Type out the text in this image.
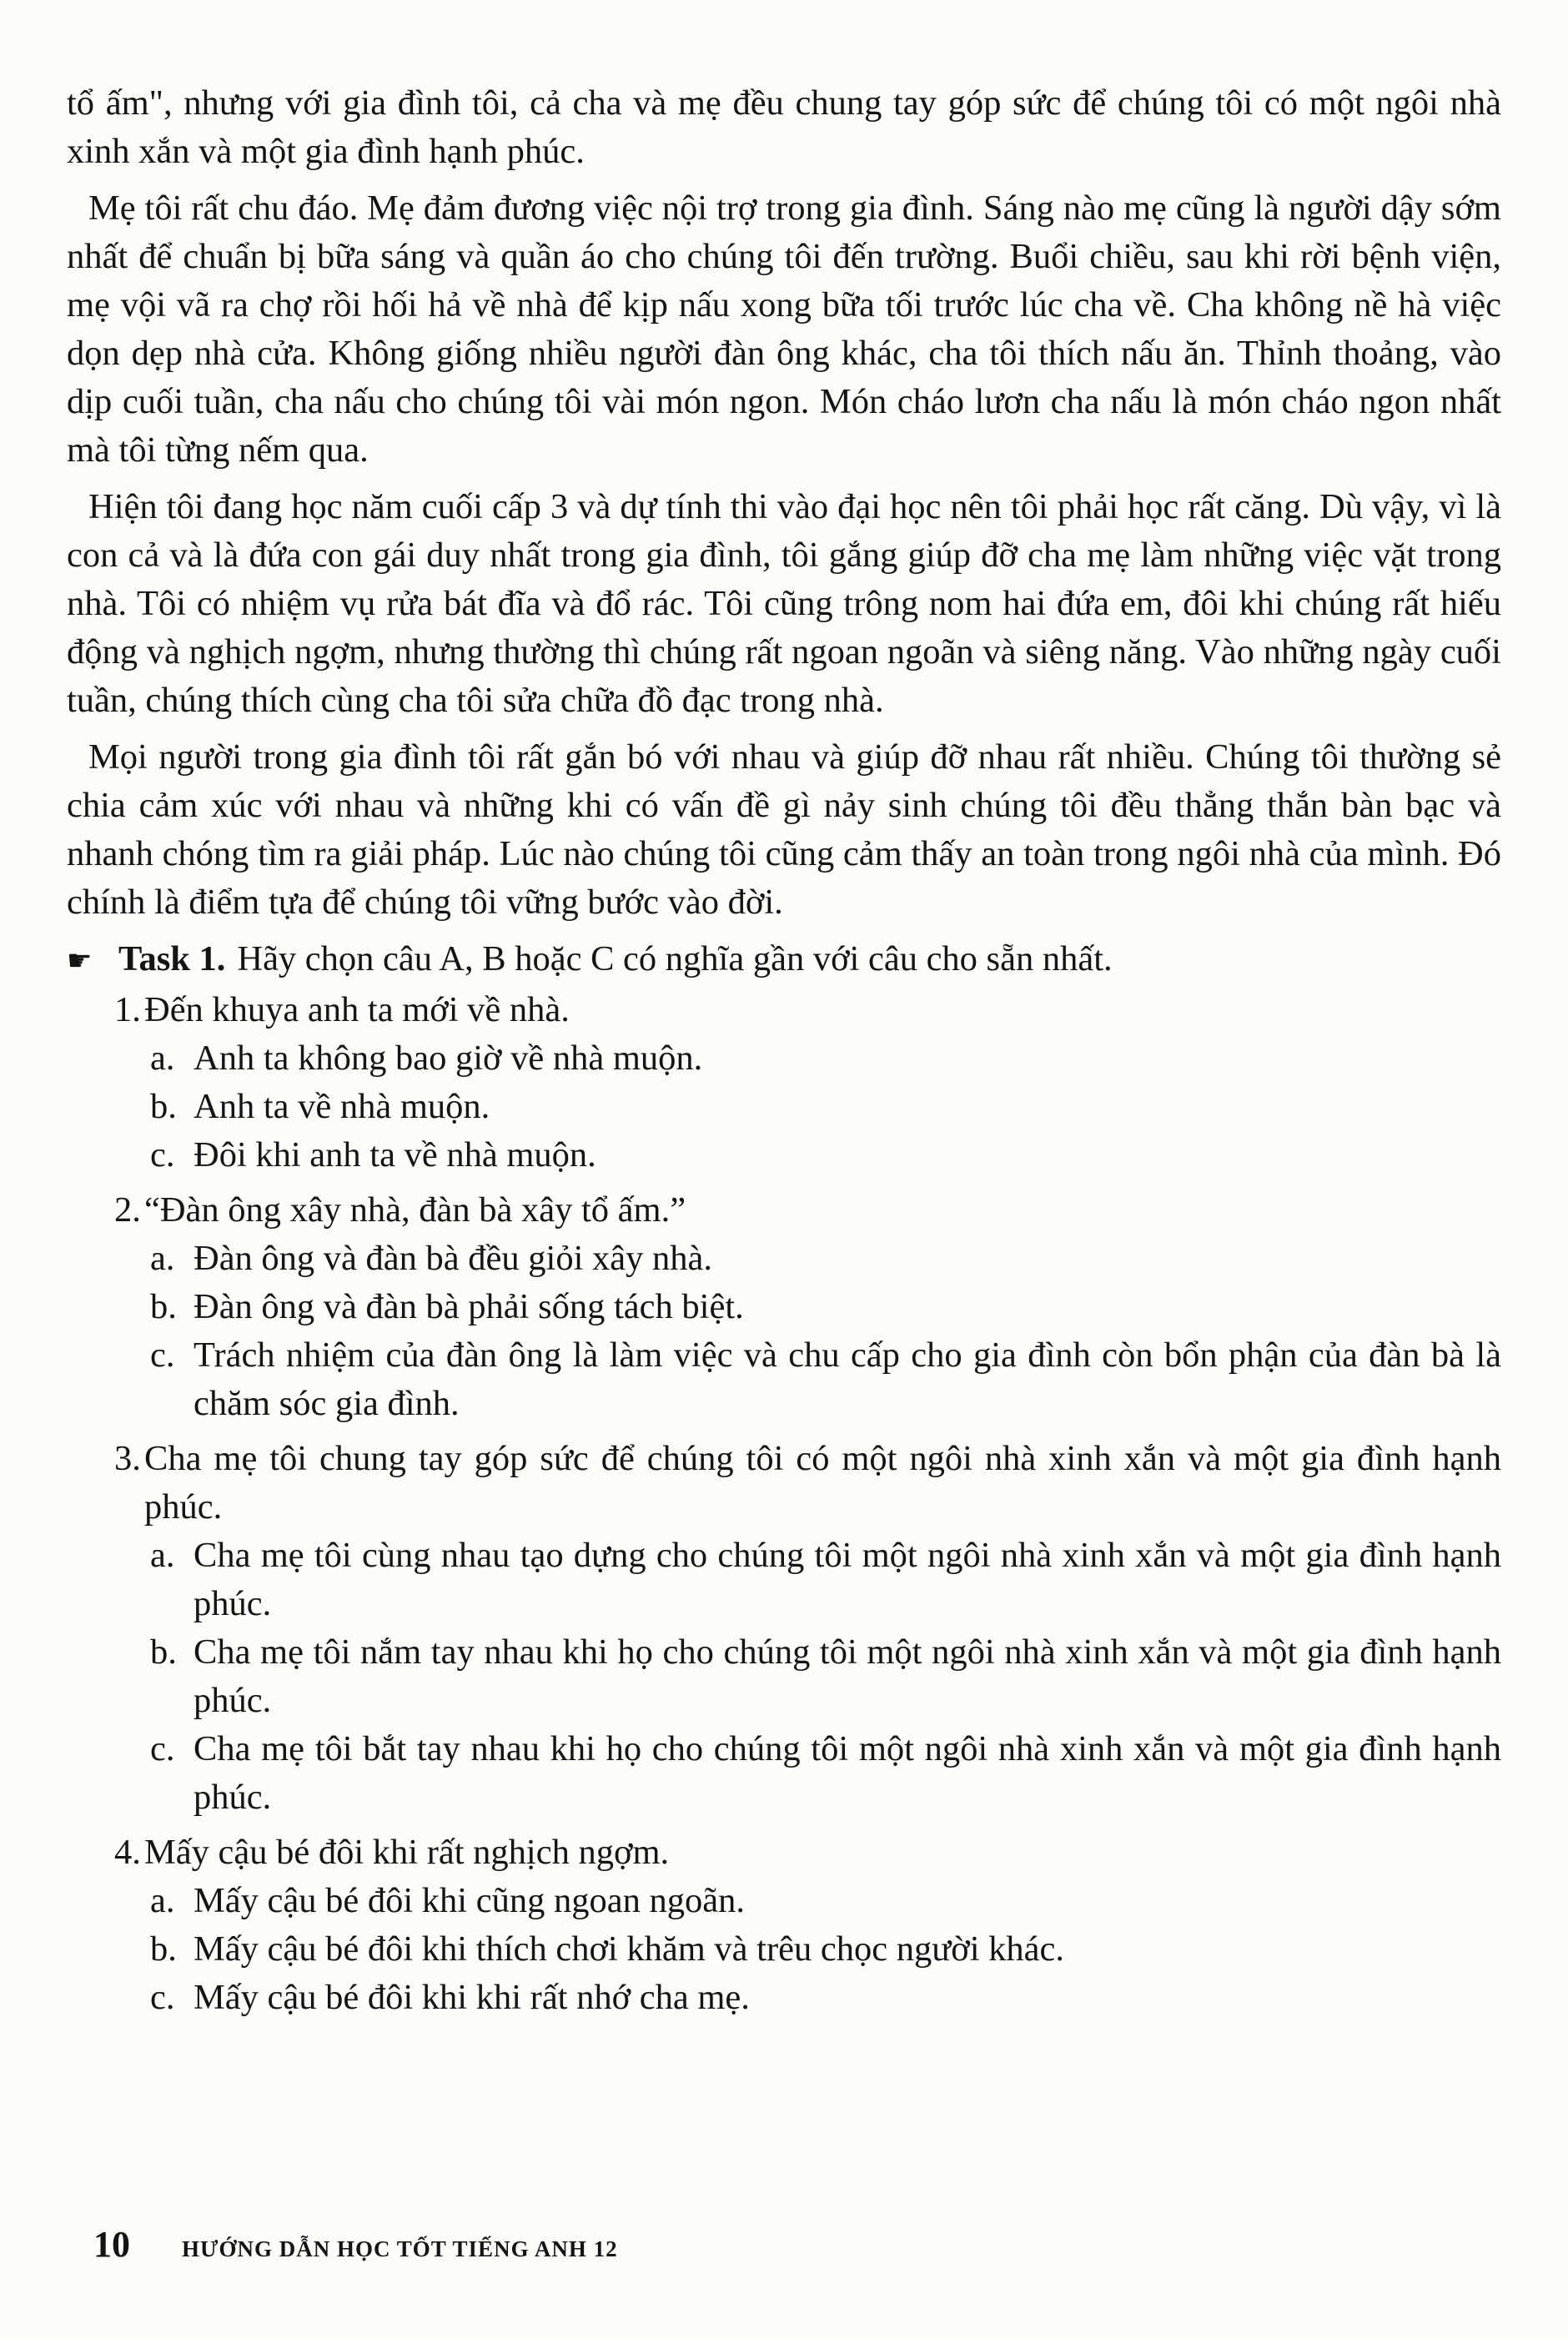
tổ ấm", nhưng với gia đình tôi, cả cha và mẹ đều chung tay góp sức để chúng tôi có một ngôi nhà xinh xắn và một gia đình hạnh phúc.

Mẹ tôi rất chu đáo. Mẹ đảm đương việc nội trợ trong gia đình. Sáng nào mẹ cũng là người dậy sớm nhất để chuẩn bị bữa sáng và quần áo cho chúng tôi đến trường. Buổi chiều, sau khi rời bệnh viện, mẹ vội vã ra chợ rồi hối hả về nhà để kịp nấu xong bữa tối trước lúc cha về. Cha không nề hà việc dọn dẹp nhà cửa. Không giống nhiều người đàn ông khác, cha tôi thích nấu ăn. Thỉnh thoảng, vào dịp cuối tuần, cha nấu cho chúng tôi vài món ngon. Món cháo lươn cha nấu là món cháo ngon nhất mà tôi từng nếm qua.

Hiện tôi đang học năm cuối cấp 3 và dự tính thi vào đại học nên tôi phải học rất căng. Dù vậy, vì là con cả và là đứa con gái duy nhất trong gia đình, tôi gắng giúp đỡ cha mẹ làm những việc vặt trong nhà. Tôi có nhiệm vụ rửa bát đĩa và đổ rác. Tôi cũng trông nom hai đứa em, đôi khi chúng rất hiếu động và nghịch ngợm, nhưng thường thì chúng rất ngoan ngoãn và siêng năng. Vào những ngày cuối tuần, chúng thích cùng cha tôi sửa chữa đồ đạc trong nhà.

Mọi người trong gia đình tôi rất gắn bó với nhau và giúp đỡ nhau rất nhiều. Chúng tôi thường sẻ chia cảm xúc với nhau và những khi có vấn đề gì nảy sinh chúng tôi đều thẳng thắn bàn bạc và nhanh chóng tìm ra giải pháp. Lúc nào chúng tôi cũng cảm thấy an toàn trong ngôi nhà của mình. Đó chính là điểm tựa để chúng tôi vững bước vào đời.

☛ Task 1. Hãy chọn câu A, B hoặc C có nghĩa gần với câu cho sẵn nhất.

1.Đến khuya anh ta mới về nhà.

a. Anh ta không bao giờ về nhà muộn.

b. Anh ta về nhà muộn.

c. Đôi khi anh ta về nhà muộn.

2.“Đàn ông xây nhà, đàn bà xây tổ ấm.”

a. Đàn ông và đàn bà đều giỏi xây nhà.

b. Đàn ông và đàn bà phải sống tách biệt.

c. Trách nhiệm của đàn ông là làm việc và chu cấp cho gia đình còn bổn phận của đàn bà là chăm sóc gia đình.

3.Cha mẹ tôi chung tay góp sức để chúng tôi có một ngôi nhà xinh xắn và một gia đình hạnh phúc.

a. Cha mẹ tôi cùng nhau tạo dựng cho chúng tôi một ngôi nhà xinh xắn và một gia đình hạnh phúc.

b. Cha mẹ tôi nắm tay nhau khi họ cho chúng tôi một ngôi nhà xinh xắn và một gia đình hạnh phúc.

c. Cha mẹ tôi bắt tay nhau khi họ cho chúng tôi một ngôi nhà xinh xắn và một gia đình hạnh phúc.

4.Mấy cậu bé đôi khi rất nghịch ngợm.

a. Mấy cậu bé đôi khi cũng ngoan ngoãn.

b. Mấy cậu bé đôi khi thích chơi khăm và trêu chọc người khác.

c. Mấy cậu bé đôi khi khi rất nhớ cha mẹ.

10 HƯỚNG DẪN HỌC TỐT TIẾNG ANH 12
